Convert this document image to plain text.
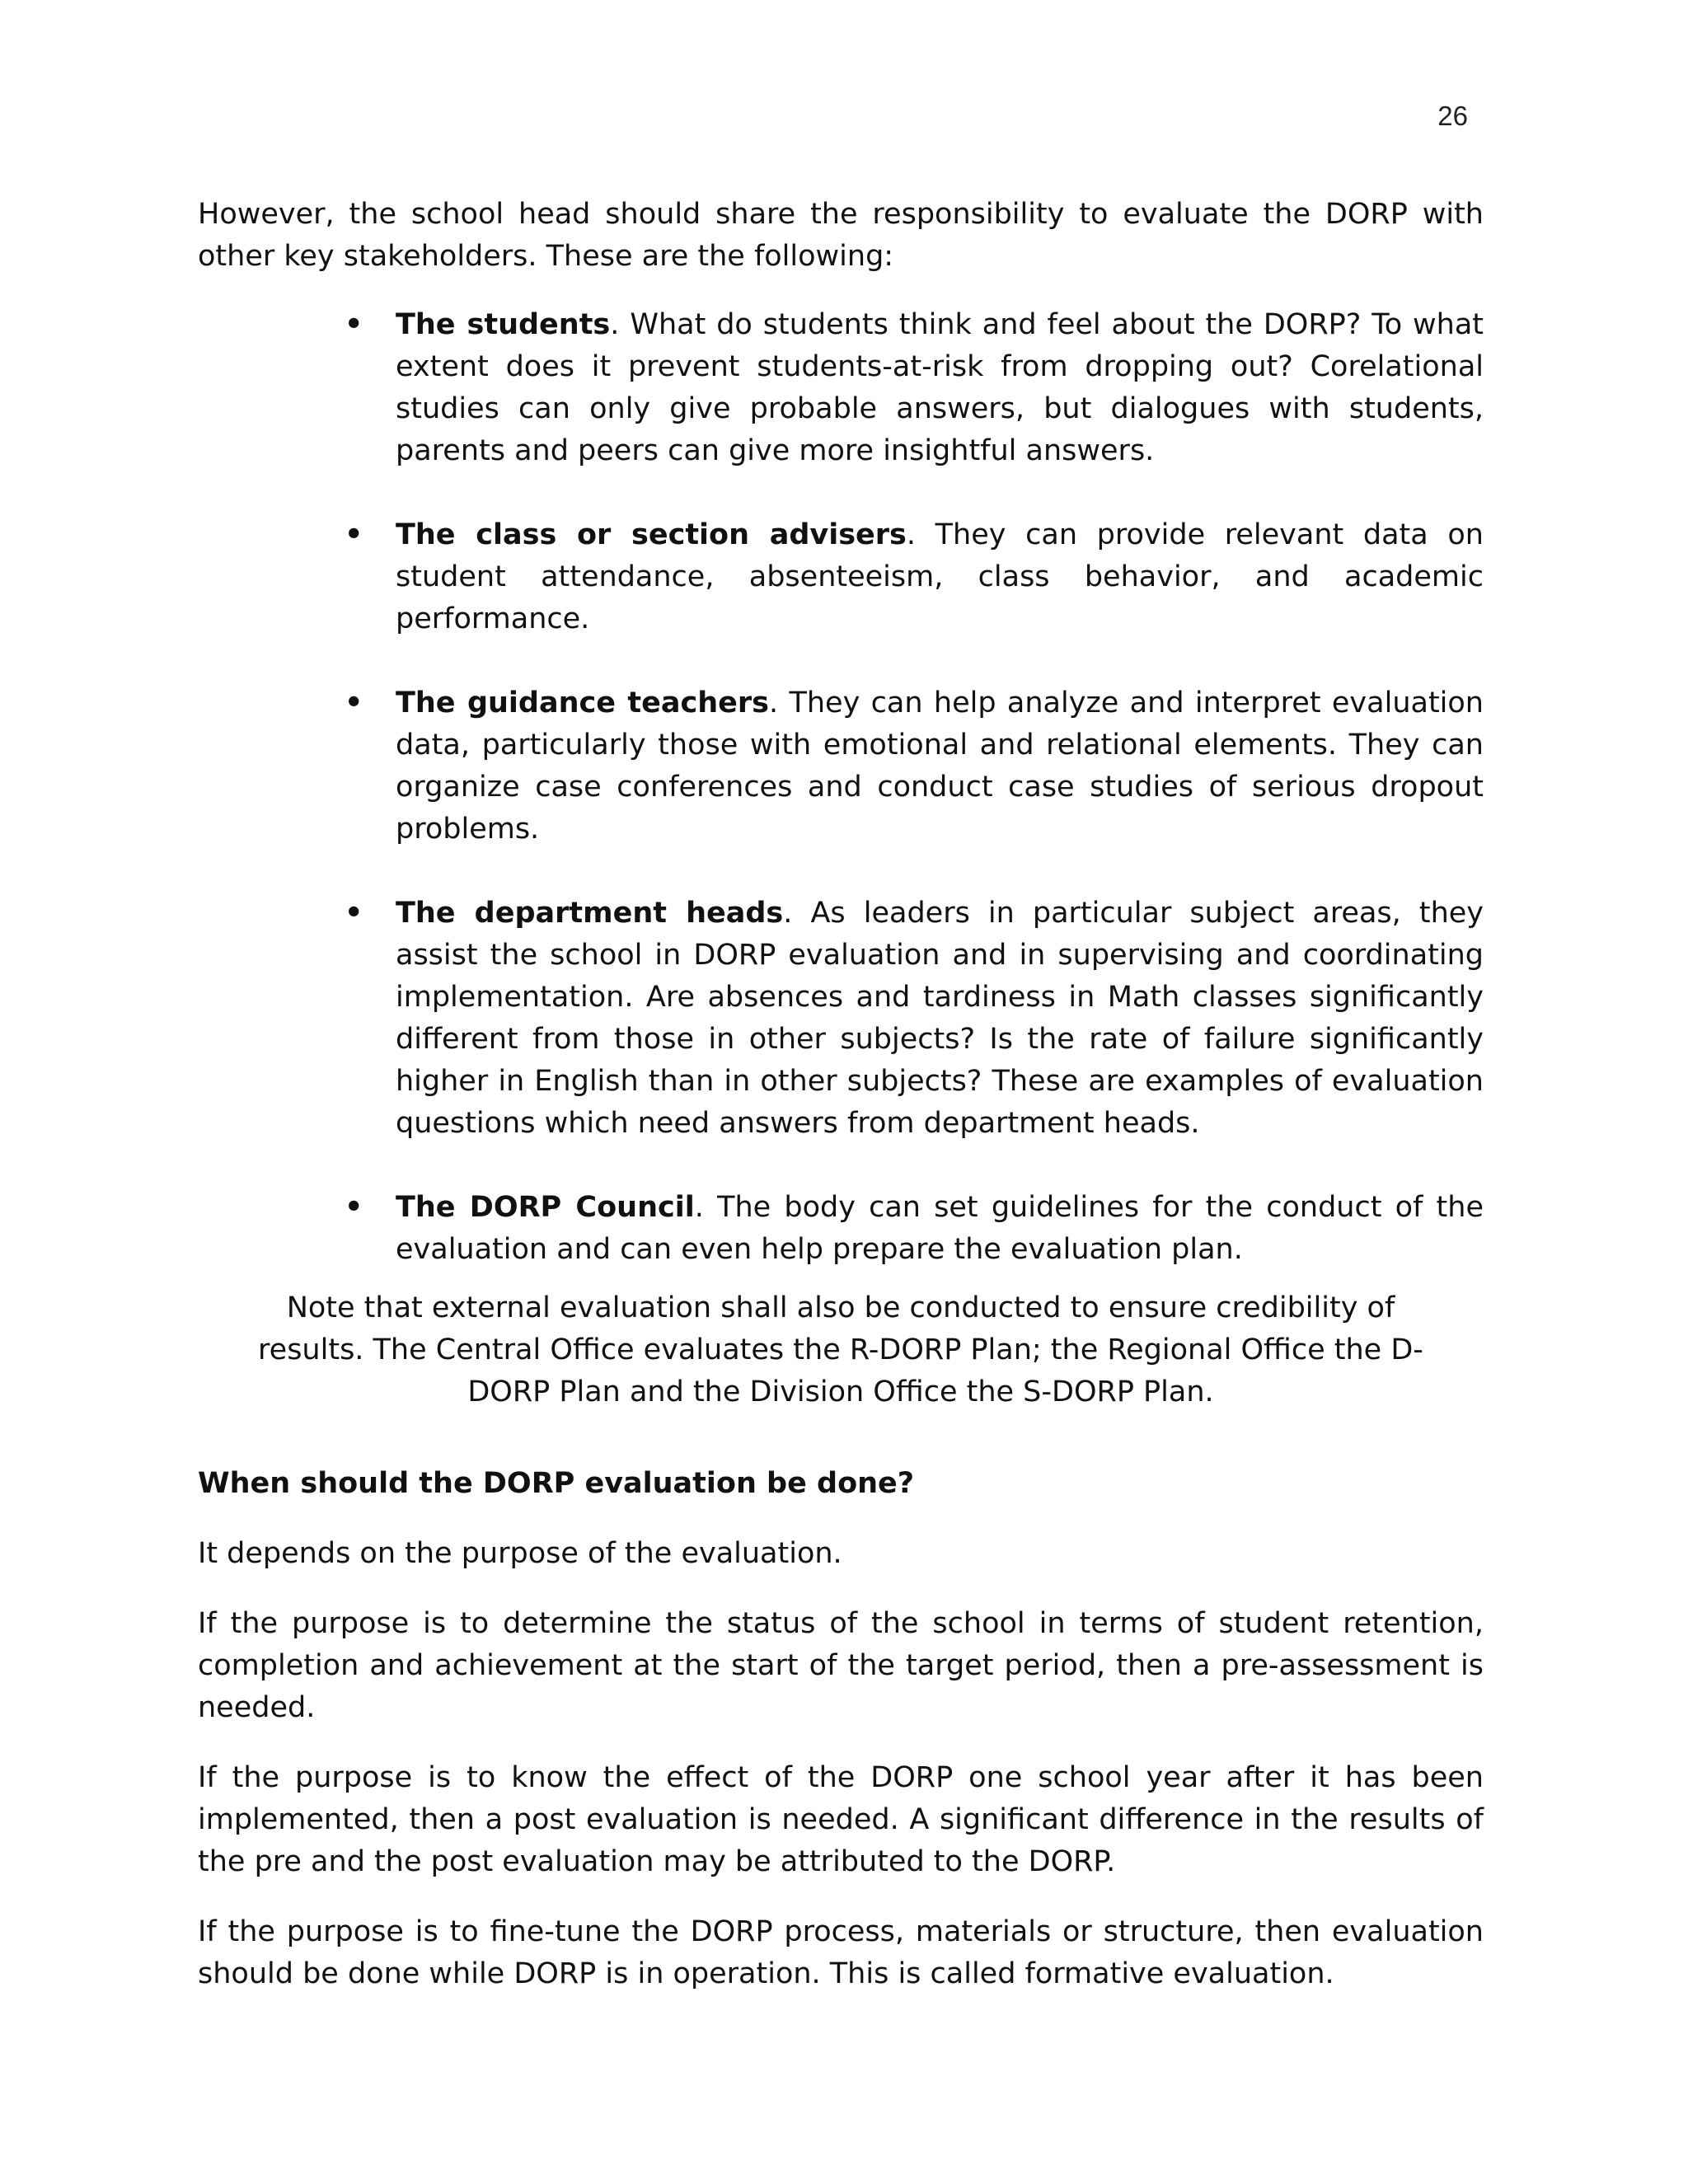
26

However, the school head should share the responsibility to evaluate the DORP with other key stakeholders. These are the following:

• The students. What do students think and feel about the DORP? To what extent does it prevent students-at-risk from dropping out? Corelational studies can only give probable answers, but dialogues with students, parents and peers can give more insightful answers.
• The class or section advisers. They can provide relevant data on student attendance, absenteeism, class behavior, and academic performance.
• The guidance teachers. They can help analyze and interpret evaluation data, particularly those with emotional and relational elements. They can organize case conferences and conduct case studies of serious dropout problems.
• The department heads. As leaders in particular subject areas, they assist the school in DORP evaluation and in supervising and coordinating implementation. Are absences and tardiness in Math classes significantly different from those in other subjects? Is the rate of failure significantly higher in English than in other subjects? These are examples of evaluation questions which need answers from department heads.
• The DORP Council. The body can set guidelines for the conduct of the evaluation and can even help prepare the evaluation plan.

Note that external evaluation shall also be conducted to ensure credibility of results. The Central Office evaluates the R-DORP Plan; the Regional Office the D- DORP Plan and the Division Office the S-DORP Plan.

When should the DORP evaluation be done?

It depends on the purpose of the evaluation.

If the purpose is to determine the status of the school in terms of student retention, completion and achievement at the start of the target period, then a pre-assessment is needed.

If the purpose is to know the effect of the DORP one school year after it has been implemented, then a post evaluation is needed. A significant difference in the results of the pre and the post evaluation may be attributed to the DORP.

If the purpose is to fine-tune the DORP process, materials or structure, then evaluation should be done while DORP is in operation. This is called formative evaluation.
